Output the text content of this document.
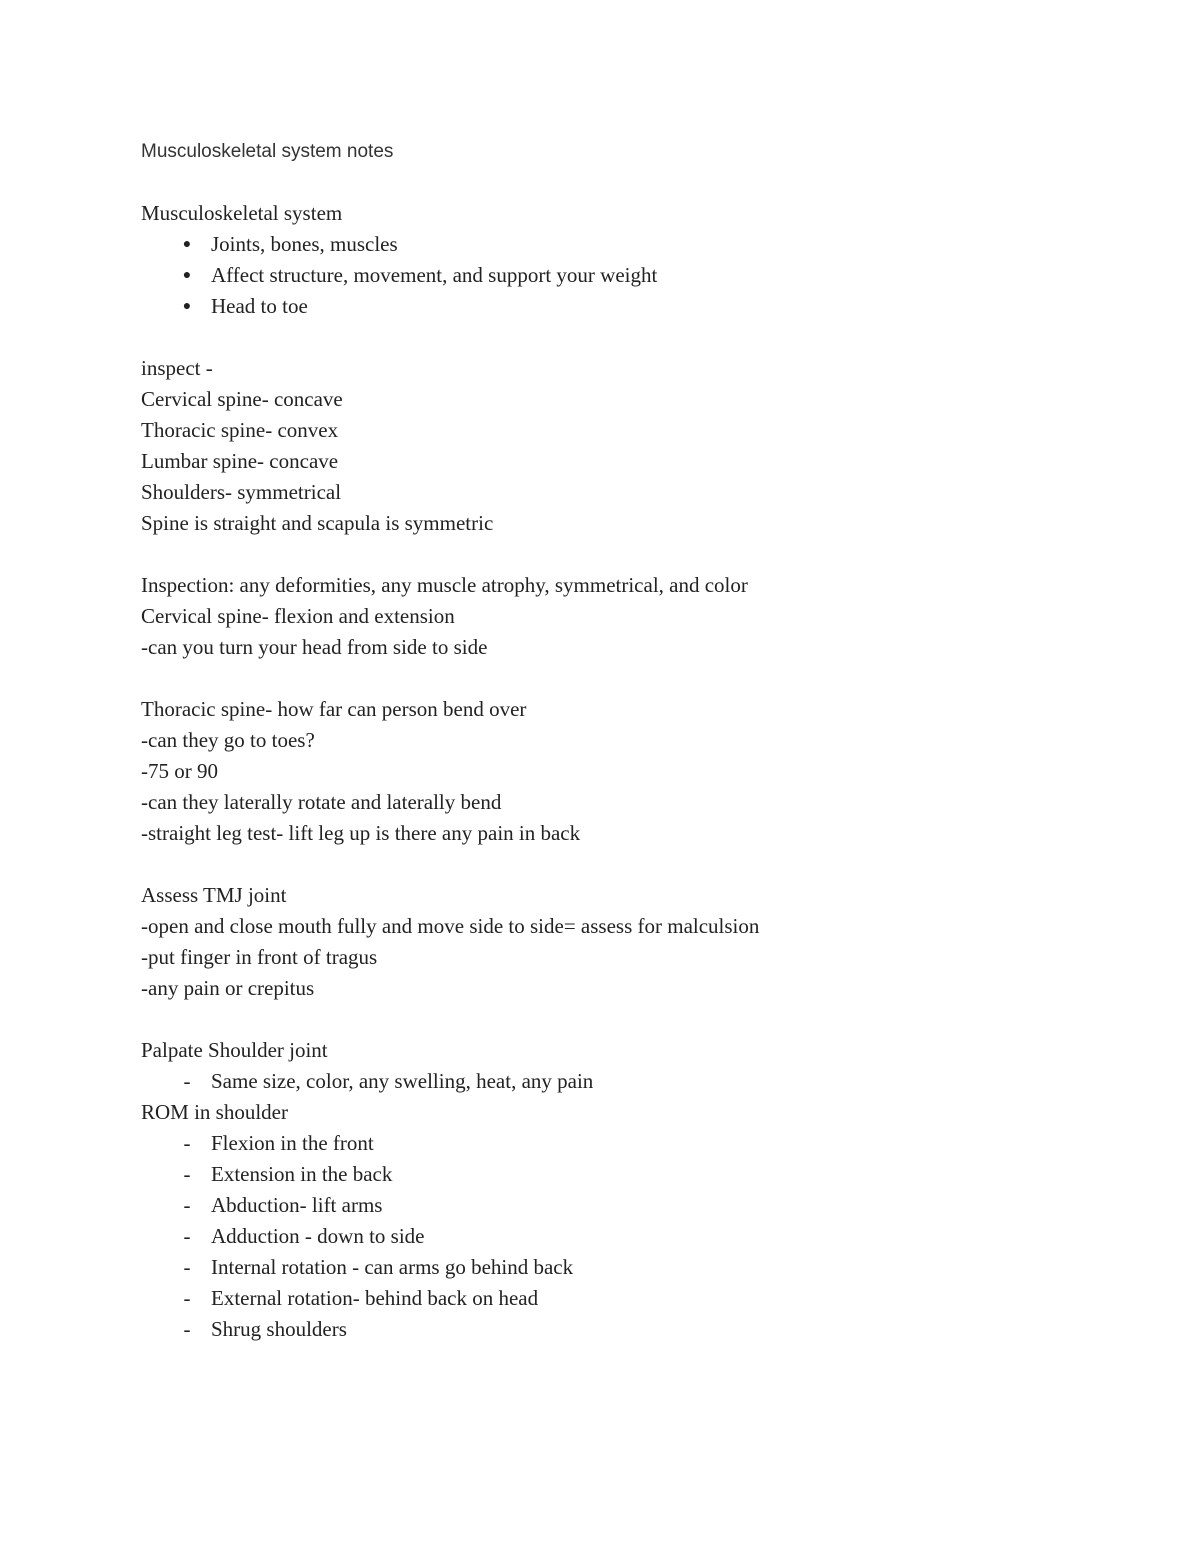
Musculoskeletal system notes
Musculoskeletal system
● Joints, bones, muscles
● Affect structure, movement, and support your weight
● Head to toe
inspect -
Cervical spine- concave
Thoracic spine- convex
Lumbar spine- concave
Shoulders- symmetrical
Spine is straight and scapula is symmetric
Inspection: any deformities, any muscle atrophy, symmetrical, and color
Cervical spine- flexion and extension
-can you turn your head from side to side
Thoracic spine- how far can person bend over
-can they go to toes?
-75 or 90
-can they laterally rotate and laterally bend
-straight leg test- lift leg up is there any pain in back
Assess TMJ joint
-open and close mouth fully and move side to side= assess for malculsion
-put finger in front of tragus
-any pain or crepitus
Palpate Shoulder joint
- Same size, color, any swelling, heat, any pain
ROM in shoulder
- Flexion in the front
- Extension in the back
- Abduction- lift arms
- Adduction - down to side
- Internal rotation - can arms go behind back
- External rotation- behind back on head
- Shrug shoulders
